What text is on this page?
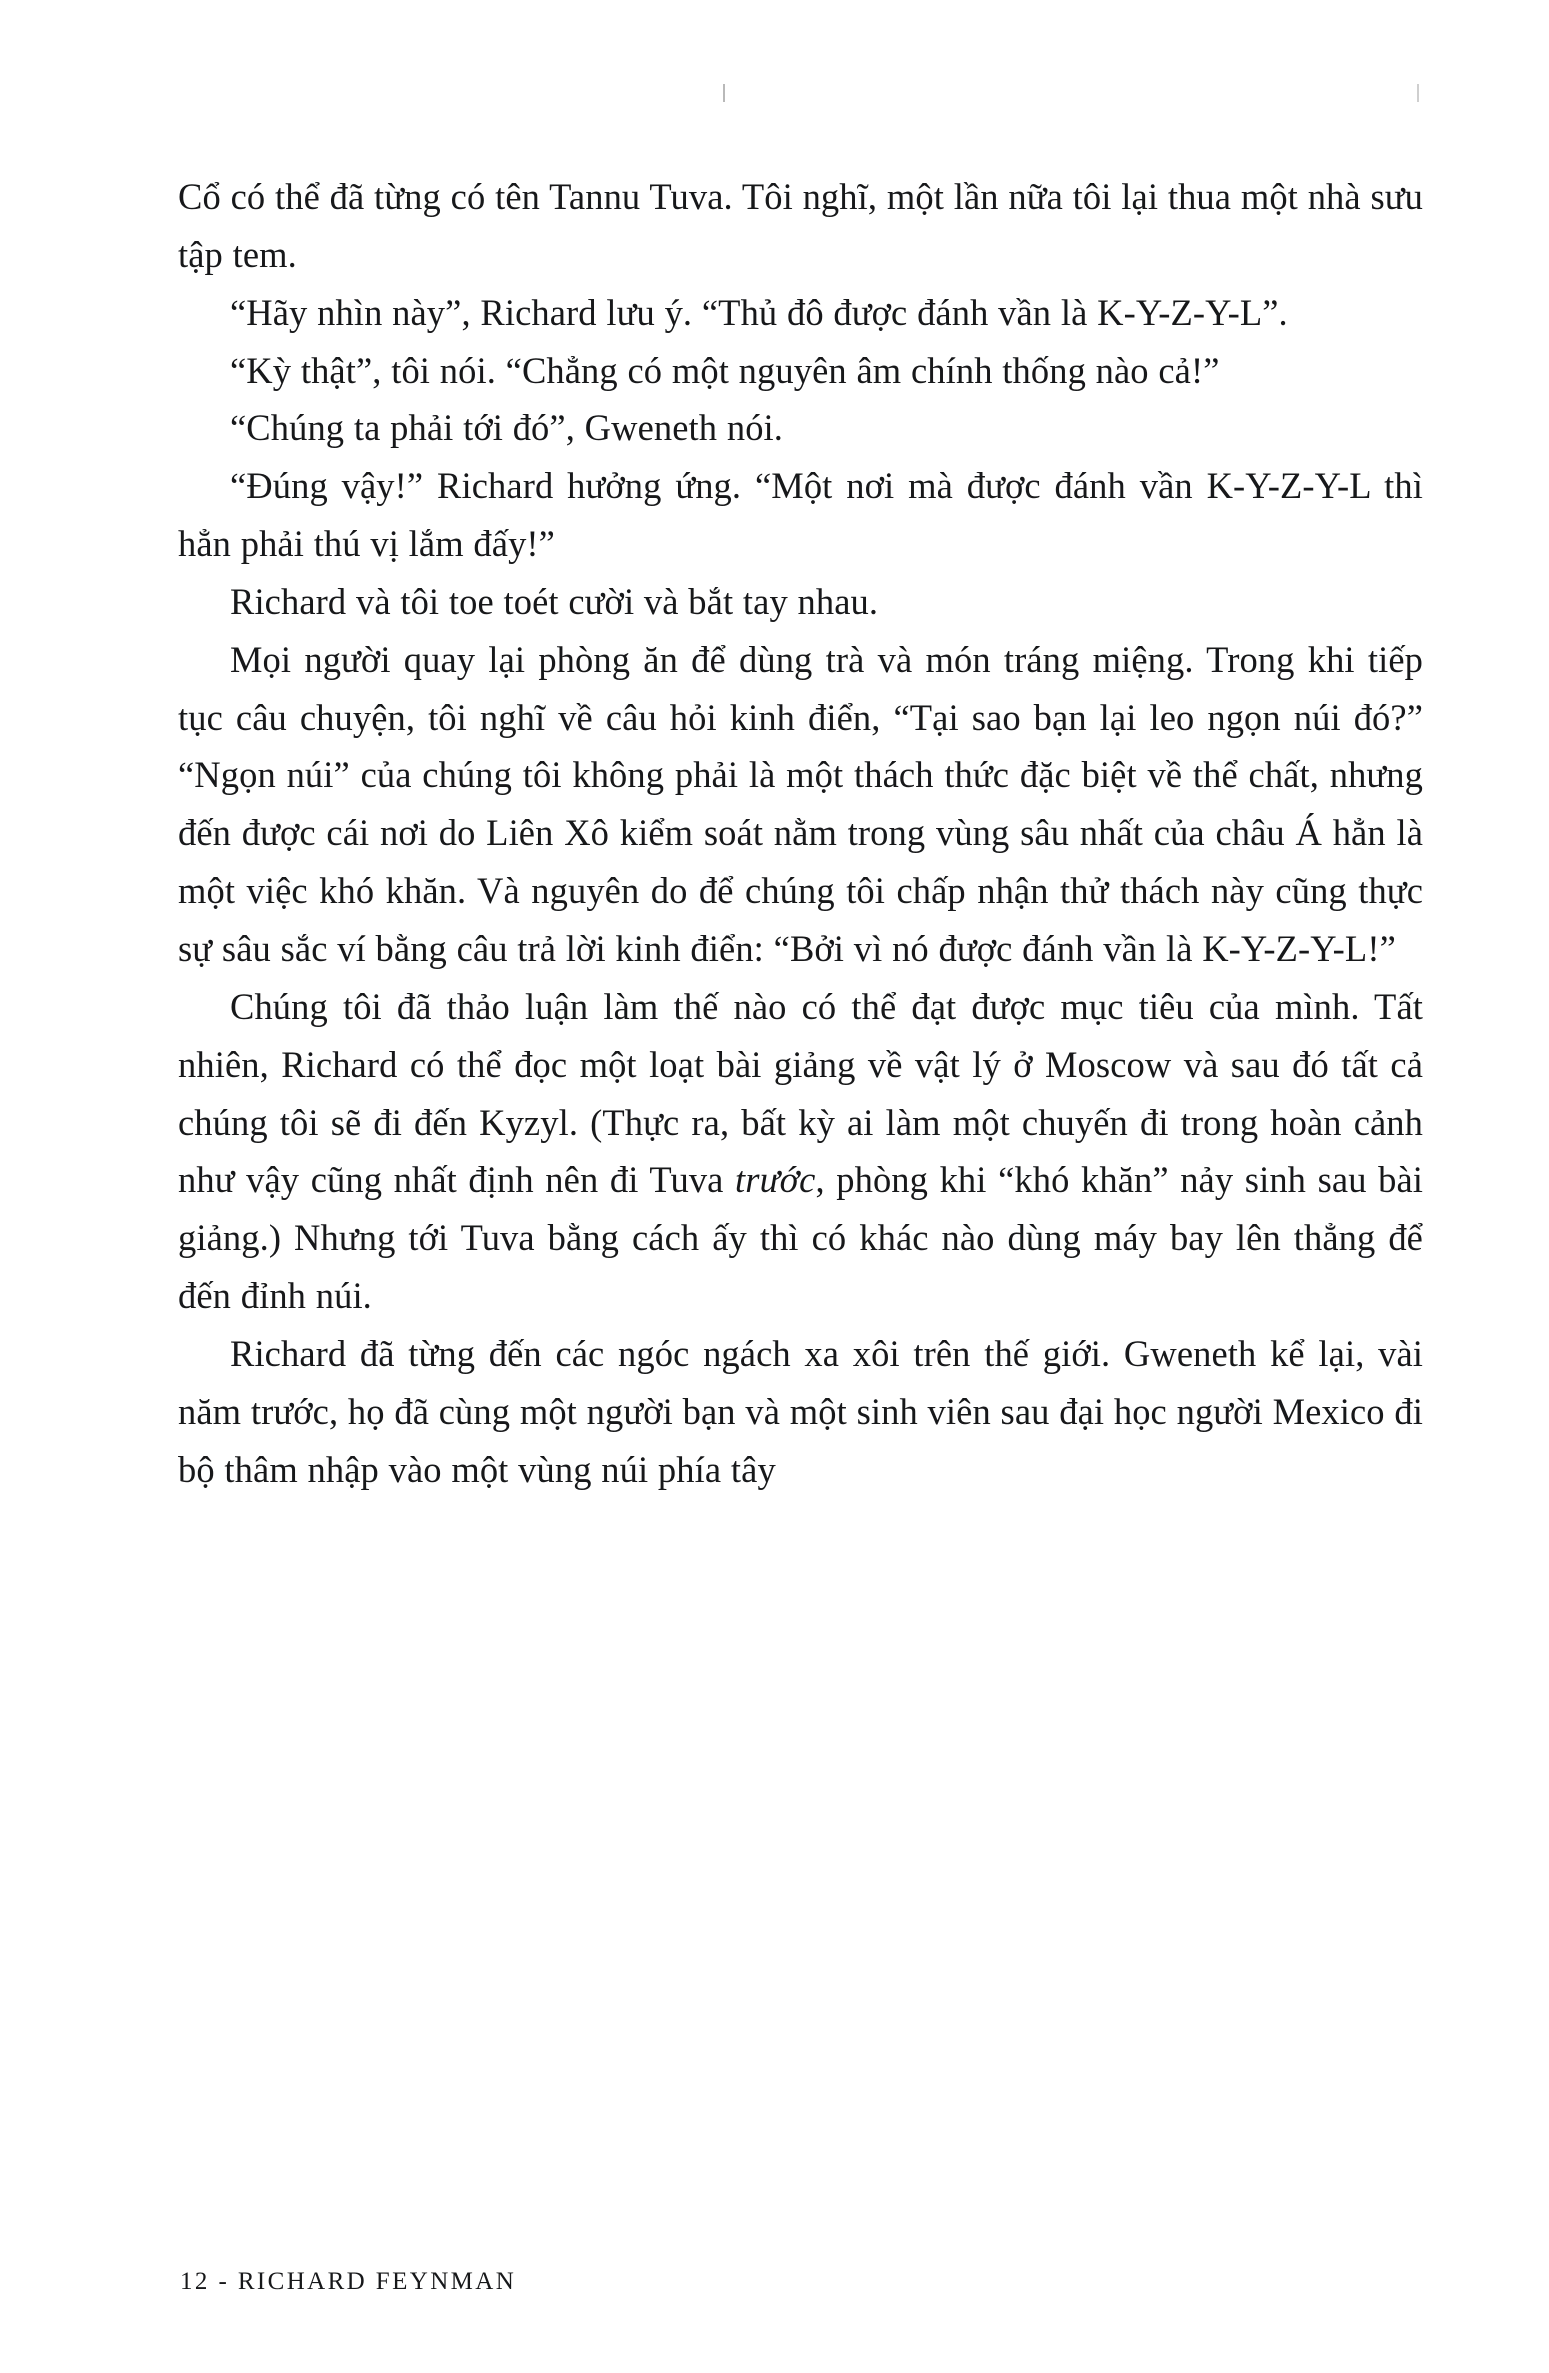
Cổ có thể đã từng có tên Tannu Tuva. Tôi nghĩ, một lần nữa tôi lại thua một nhà sưu tập tem.

“Hãy nhìn này”, Richard lưu ý. “Thủ đô được đánh vần là K-Y-Z-Y-L”.

“Kỳ thật”, tôi nói. “Chẳng có một nguyên âm chính thống nào cả!”

“Chúng ta phải tới đó”, Gweneth nói.

“Đúng vậy!” Richard hưởng ứng. “Một nơi mà được đánh vần K-Y-Z-Y-L thì hẳn phải thú vị lắm đấy!”

Richard và tôi toe toét cười và bắt tay nhau.

Mọi người quay lại phòng ăn để dùng trà và món tráng miệng. Trong khi tiếp tục câu chuyện, tôi nghĩ về câu hỏi kinh điển, “Tại sao bạn lại leo ngọn núi đó?” “Ngọn núi” của chúng tôi không phải là một thách thức đặc biệt về thể chất, nhưng đến được cái nơi do Liên Xô kiểm soát nằm trong vùng sâu nhất của châu Á hẳn là một việc khó khăn. Và nguyên do để chúng tôi chấp nhận thử thách này cũng thực sự sâu sắc ví bằng câu trả lời kinh điển: “Bởi vì nó được đánh vần là K-Y-Z-Y-L!”

Chúng tôi đã thảo luận làm thế nào có thể đạt được mục tiêu của mình. Tất nhiên, Richard có thể đọc một loạt bài giảng về vật lý ở Moscow và sau đó tất cả chúng tôi sẽ đi đến Kyzyl. (Thực ra, bất kỳ ai làm một chuyến đi trong hoàn cảnh như vậy cũng nhất định nên đi Tuva trước, phòng khi “khó khăn” nảy sinh sau bài giảng.) Nhưng tới Tuva bằng cách ấy thì có khác nào dùng máy bay lên thẳng để đến đỉnh núi.

Richard đã từng đến các ngóc ngách xa xôi trên thế giới. Gweneth kể lại, vài năm trước, họ đã cùng một người bạn và một sinh viên sau đại học người Mexico đi bộ thâm nhập vào một vùng núi phía tây

12 - RICHARD FEYNMAN
